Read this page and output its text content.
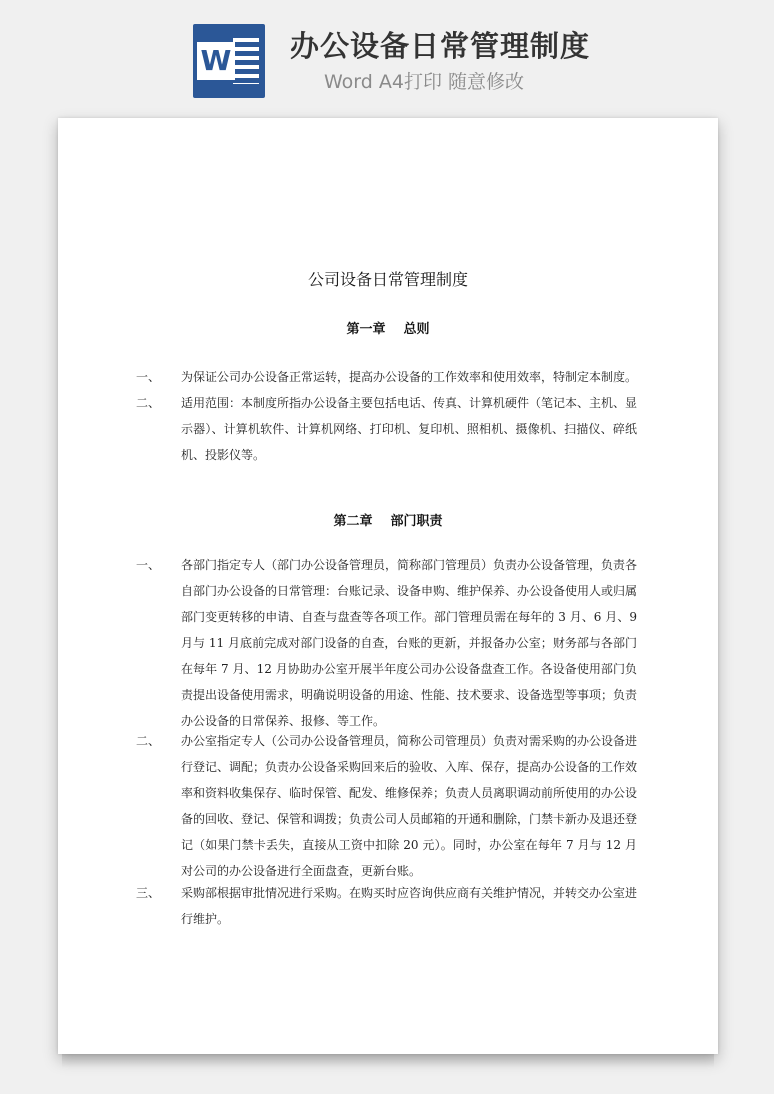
W 办公设备日常管理制度
Word A4打印 随意修改
公司设备日常管理制度
第一章    总则
一、 为保证公司办公设备正常运转，提高办公设备的工作效率和使用效率，特制定本制度。
二、 适用范围：本制度所指办公设备主要包括电话、传真、计算机硬件（笔记本、主机、显示器）、计算机软件、计算机网络、打印机、复印机、照相机、摄像机、扫描仪、碎纸机、投影仪等。
第二章    部门职责
一、 各部门指定专人（部门办公设备管理员，简称部门管理员）负责办公设备管理，负责各自部门办公设备的日常管理：台账记录、设备申购、维护保养、办公设备使用人或归属部门变更转移的申请、自查与盘查等各项工作。部门管理员需在每年的 3 月、6 月、9 月与 11 月底前完成对部门设备的自查，台账的更新，并报备办公室；财务部与各部门在每年 7 月、12 月协助办公室开展半年度公司办公设备盘查工作。各设备使用部门负责提出设备使用需求，明确说明设备的用途、性能、技术要求、设备选型等事项；负责办公设备的日常保养、报修、等工作。
二、 办公室指定专人（公司办公设备管理员，简称公司管理员）负责对需采购的办公设备进行登记、调配；负责办公设备采购回来后的验收、入库、保存，提高办公设备的工作效率和资料收集保存、临时保管、配发、维修保养；负责人员离职调动前所使用的办公设备的回收、登记、保管和调拨；负责公司人员邮箱的开通和删除，门禁卡新办及退还登记（如果门禁卡丢失，直接从工资中扣除 20 元）。同时，办公室在每年 7 月与 12 月对公司的办公设备进行全面盘查，更新台账。
三、 采购部根据审批情况进行采购。在购买时应咨询供应商有关维护情况，并转交办公室进行维护。
